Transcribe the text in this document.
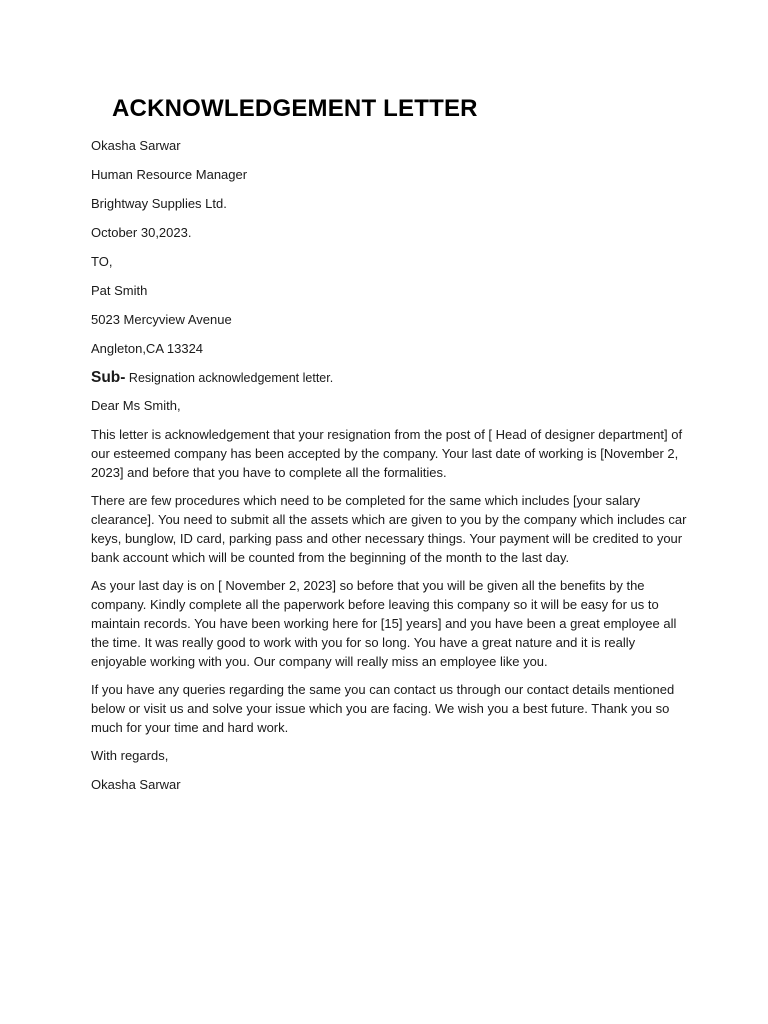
ACKNOWLEDGEMENT LETTER

Okasha Sarwar

Human Resource Manager

Brightway Supplies Ltd.

October 30,2023.

TO,

Pat Smith

5023 Mercyview Avenue

Angleton,CA 13324

Sub- Resignation acknowledgement letter.

Dear Ms Smith,

This letter is acknowledgement that your resignation from the post of [ Head of designer department] of our esteemed company has been accepted by the company. Your last date of working is [November 2, 2023] and before that you have to complete all the formalities.

There are few procedures which need to be completed for the same which includes [your salary clearance]. You need to submit all the assets which are given to you by the company which includes car keys, bunglow, ID card, parking pass and other necessary things. Your payment will be credited to your bank account which will be counted from the beginning of the month to the last day.

As your last day is on [ November 2, 2023] so before that you will be given all the benefits by the company. Kindly complete all the paperwork before leaving this company so it will be easy for us to maintain records. You have been working here for [15] years] and you have been a great employee all the time. It was really good to work with you for so long. You have a great nature and it is really enjoyable working with you. Our company will really miss an employee like you.

If you have any queries regarding the same you can contact us through our contact details mentioned below or visit us and solve your issue which you are facing. We wish you a best future. Thank you so much for your time and hard work.

With regards,

Okasha Sarwar
